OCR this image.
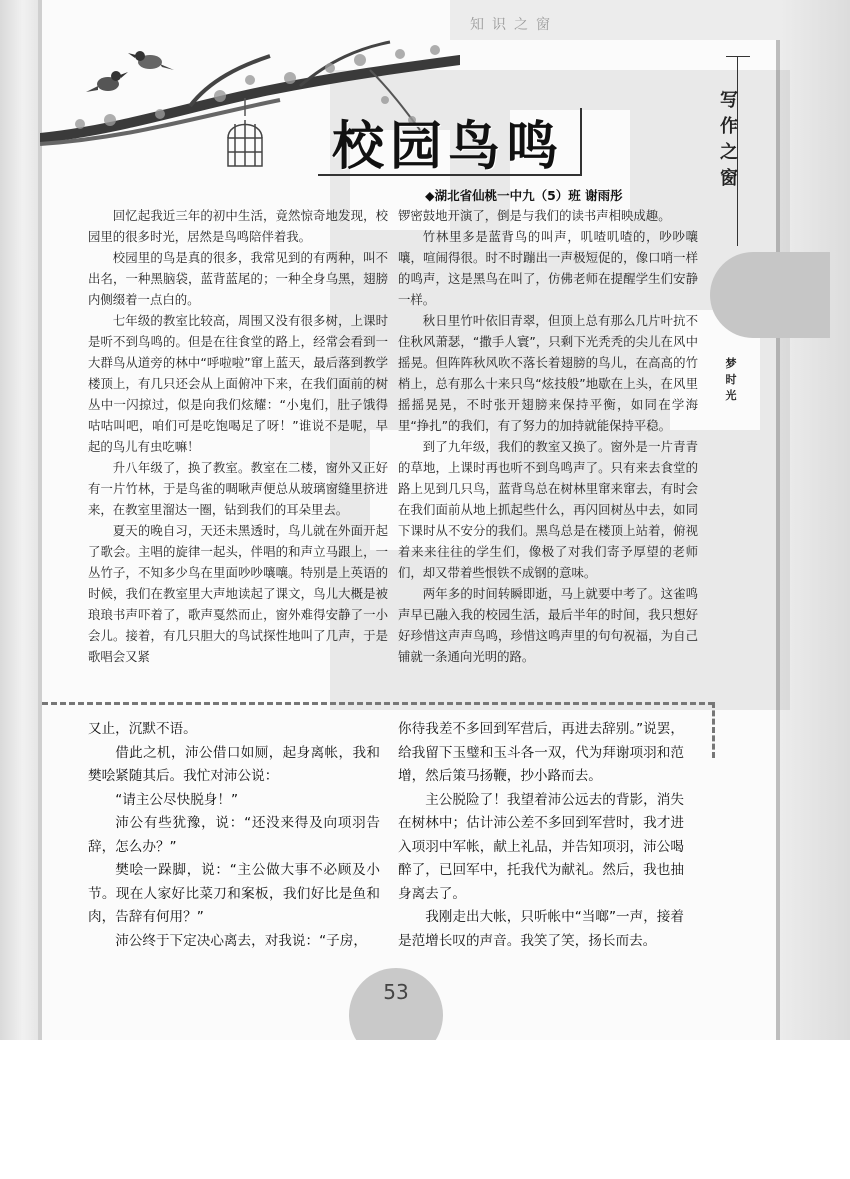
知识之窗
校园鸟鸣
◆湖北省仙桃一中九（5）班 谢雨彤
写作之窗
梦时光

回忆起我近三年的初中生活，竟然惊奇地发现，校园里的很多时光，居然是鸟鸣陪伴着我。

校园里的鸟是真的很多，我常见到的有两种，叫不出名，一种黑脑袋，蓝背蓝尾的；一种全身乌黑，翅膀内侧缀着一点白的。

七年级的教室比较高，周围又没有很多树，上课时是听不到鸟鸣的。但是在往食堂的路上，经常会看到一大群鸟从道旁的林中“呼啦啦”窜上蓝天，最后落到教学楼顶上，有几只还会从上面俯冲下来，在我们面前的树丛中一闪掠过，似是向我们炫耀：“小鬼们，肚子饿得咕咕叫吧，咱们可是吃饱喝足了呀！”谁说不是呢，早起的鸟儿有虫吃嘛！

升八年级了，换了教室。教室在二楼，窗外又正好有一片竹林，于是鸟雀的啁啾声便总从玻璃窗缝里挤进来，在教室里溜达一圈，钻到我们的耳朵里去。

夏天的晚自习，天还未黑透时，鸟儿就在外面开起了歌会。主唱的旋律一起头，伴唱的和声立马跟上，一丛竹子，不知多少鸟在里面吵吵嚷嚷。特别是上英语的时候，我们在教室里大声地读起了课文，鸟儿大概是被琅琅书声吓着了，歌声戛然而止，窗外难得安静了一小会儿。接着，有几只胆大的鸟试探性地叫了几声，于是歌唱会又紧

锣密鼓地开演了，倒是与我们的读书声相映成趣。

竹林里多是蓝背鸟的叫声，叽喳叽喳的，吵吵嚷嚷，喧闹得很。时不时蹦出一声极短促的，像口哨一样的鸣声，这是黑鸟在叫了，仿佛老师在提醒学生们安静一样。

秋日里竹叶依旧青翠，但顶上总有那么几片叶抗不住秋风萧瑟，“撒手人寰”，只剩下光秃秃的尖儿在风中摇晃。但阵阵秋风吹不落长着翅膀的鸟儿，在高高的竹梢上，总有那么十来只鸟“炫技般”地歇在上头，在风里摇摇晃晃，不时张开翅膀来保持平衡，如同在学海里“挣扎”的我们，有了努力的加持就能保持平稳。

到了九年级，我们的教室又换了。窗外是一片青青的草地，上课时再也听不到鸟鸣声了。只有来去食堂的路上见到几只鸟，蓝背鸟总在树林里窜来窜去，有时会在我们面前从地上抓起些什么，再闪回树丛中去，如同下课时从不安分的我们。黑鸟总是在楼顶上站着，俯视着来来往往的学生们，像极了对我们寄予厚望的老师们，却又带着些恨铁不成钢的意味。

两年多的时间转瞬即逝，马上就要中考了。这雀鸣声早已融入我的校园生活，最后半年的时间，我只想好好珍惜这声声鸟鸣，珍惜这鸣声里的句句祝福，为自己铺就一条通向光明的路。

又止，沉默不语。

借此之机，沛公借口如厕，起身离帐，我和樊哙紧随其后。我忙对沛公说：

“请主公尽快脱身！”

沛公有些犹豫，说：“还没来得及向项羽告辞，怎么办？”

樊哙一跺脚，说：“主公做大事不必顾及小节。现在人家好比菜刀和案板，我们好比是鱼和肉，告辞有何用？”

沛公终于下定决心离去，对我说：“子房，

你待我差不多回到军营后，再进去辞别。”说罢，给我留下玉璧和玉斗各一双，代为拜谢项羽和范增，然后策马扬鞭，抄小路而去。

主公脱险了！我望着沛公远去的背影，消失在树林中；估计沛公差不多回到军营时，我才进入项羽中军帐，献上礼品，并告知项羽，沛公喝醉了，已回军中，托我代为献礼。然后，我也抽身离去了。

我刚走出大帐，只听帐中“当啷”一声，接着是范增长叹的声音。我笑了笑，扬长而去。

53
